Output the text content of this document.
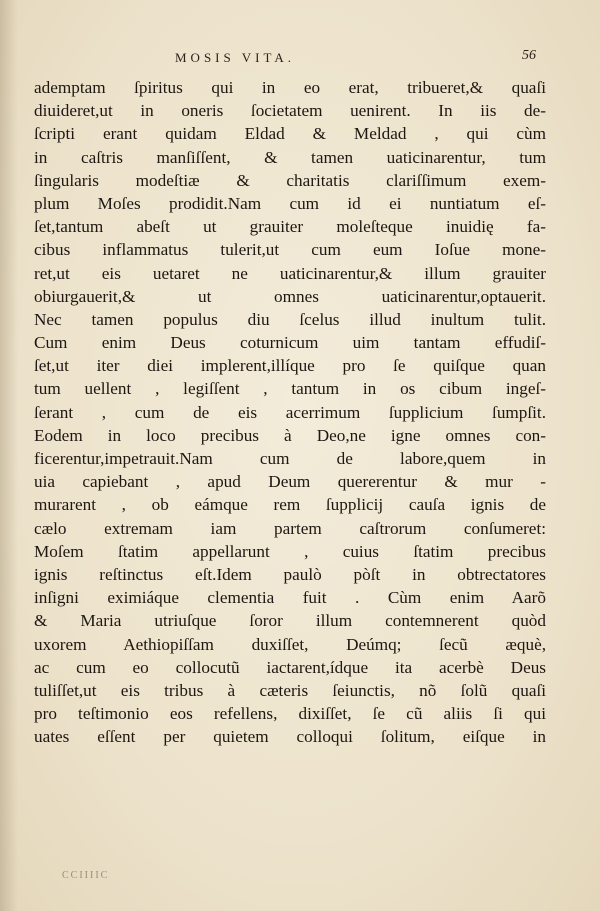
MOSIS VITA.	56
ademptam ſpiritus qui in eo erat, tribueret,& quaſi
diuideret,ut in oneris ſocietatem uenirent. In iis de-
ſcripti erant quidam Eldad & Meldad , qui cùm
in caſtris manſiſſent, & tamen uaticinarentur, tum
ſingularis modeſtiæ & charitatis clariſſimum exem-
plum Moſes prodidit.Nam cum id ei nuntiatum eſ-
ſet,tantum abeſt ut grauiter moleſteque inuidię fa-
cibus inflammatus tulerit,ut cum eum Ioſue mone-
ret,ut eis uetaret ne uaticinarentur,& illum grauiter
obiurgauerit,& ut omnes uaticinarentur,optauerit.
Nec tamen populus diu ſcelus illud inultum tulit.
Cum enim Deus coturnicum uim tantam effudiſ-
ſet,ut iter diei implerent,illíque pro ſe quiſque quan
tum uellent , legiſſent , tantum in os cibum ingeſ-
ſerant , cum de eis acerrimum ſupplicium ſumpſit.
Eodem in loco precibus à Deo,ne igne omnes con-
ficerentur,impetrauit.Nam cum de labore,quem in
uia capiebant , apud Deum quererentur & mur -
murarent , ob eámque rem ſupplicij cauſa ignis de
cælo extremam iam partem caſtrorum conſumeret:
Moſem ſtatim appellarunt , cuius ſtatim precibus
ignis reſtinctus eſt.Idem paulò pòſt in obtrectatores
inſigni eximiáque clementia fuit . Cùm enim Aarõ
& Maria utriuſque ſoror illum contemnerent quòd
uxorem Aethiopiſſam duxiſſet, Deúmq; ſecũ æquè,
ac cum eo collocutũ iactarent,ídque ita acerbè Deus
tuliſſet,ut eis tribus à cæteris ſeiunctis, nõ ſolũ quaſi
pro teſtimonio eos refellens, dixiſſet, ſe cũ aliis ſi qui
uates eſſent per quietem colloqui ſolitum, eiſque in
CCIIIIC
